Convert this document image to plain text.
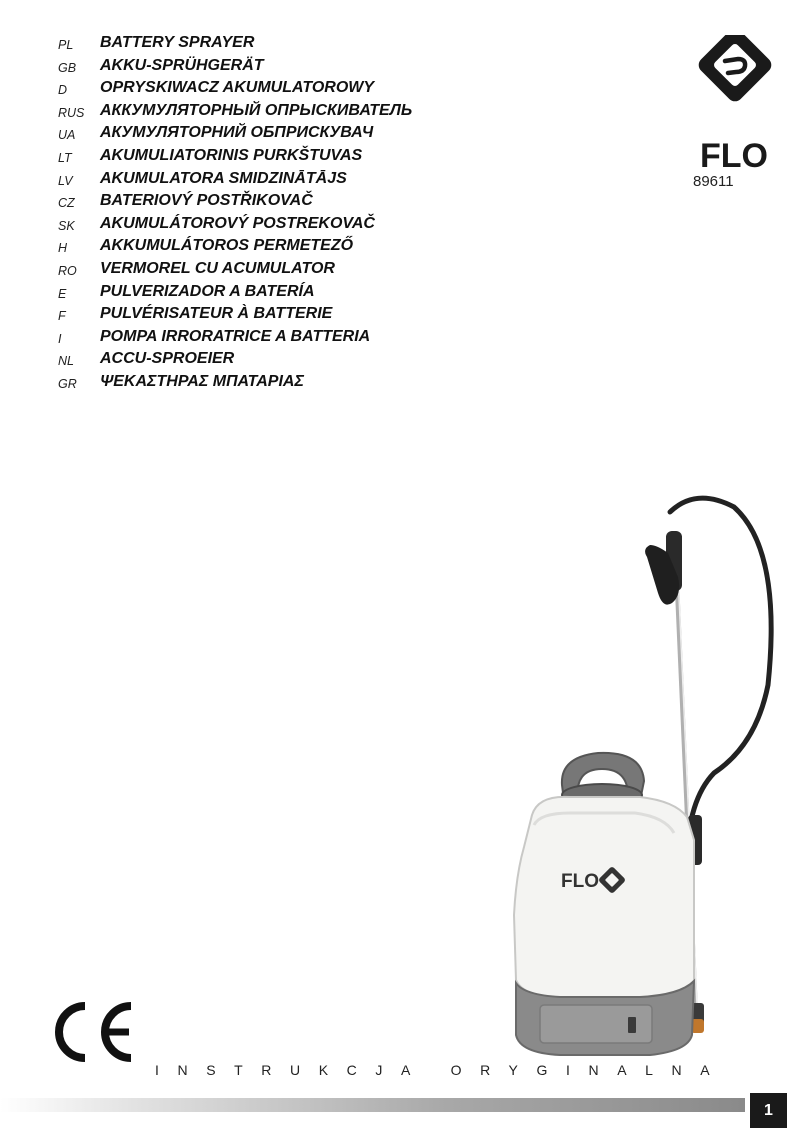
PL BATTERY SPRAYER
GB AKKU-SPRÜHGERÄT
D OPRYSKIWACZ AKUMULATOROWY
RUS АККУМУЛЯТОРНЫЙ ОПРЫСКИВАТЕЛЬ
UA АКУМУЛЯТОРНИЙ ОБПРИСКУВАЧ
LT AKUMULIATORINIS PURKŠTUVAS
LV AKUMULATORA SMIDZINĀTĀJS
CZ BATERIOVÝ POSTŘIKOVAČ
SK AKUMULÁTOROVÝ POSTREKOVAČ
H AKKUMULÁTOROS PERMETEZŐ
RO VERMOREL CU ACUMULATOR
E PULVERIZADOR A BATERÍA
F PULVÉRISATEUR À BATTERIE
I POMPA IRRORATRICE A BATTERIA
NL ACCU-SPROEIER
GR ΨΕΚΑΣΤΗΡΑΣ ΜΠΑΤΑΡΙΑΣ
FLO
89611
FLO
CE
INSTRUKCJA ORYGINALNA
1
